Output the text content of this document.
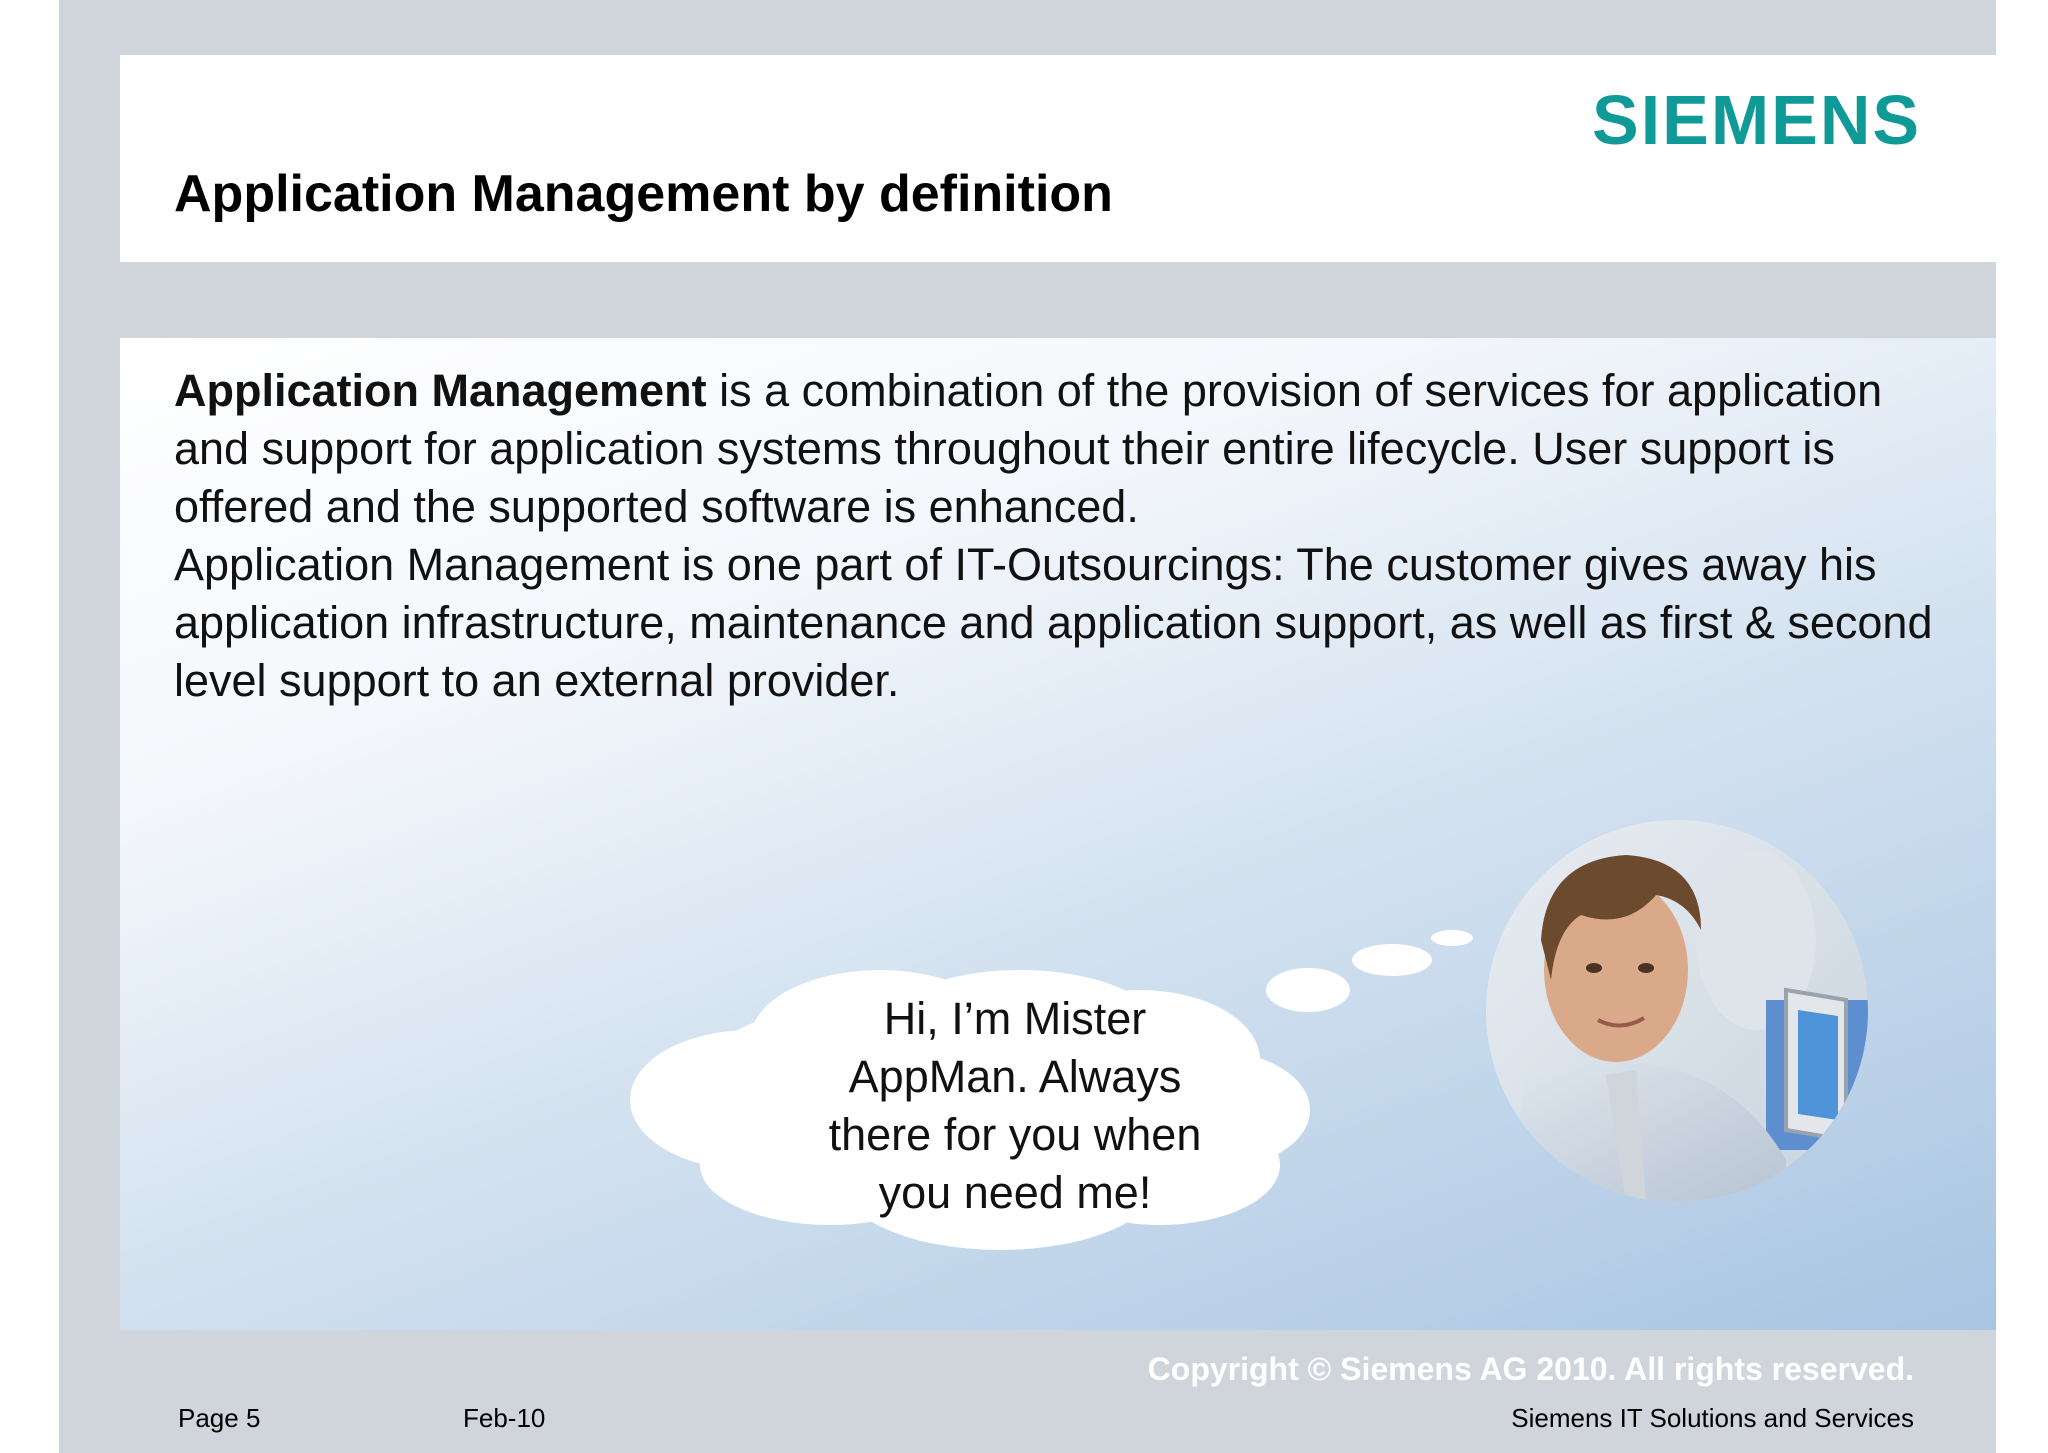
SIEMENS
Application Management by definition

Application Management is a combination of the provision of services for application and support for application systems throughout their entire lifecycle. User support is offered and the supported software is enhanced.

Application Management is one part of IT-Outsourcings: The customer gives away his application infrastructure, maintenance and application support, as well as first & second level support to an external provider.

Hi, I’m Mister
AppMan. Always
there for you when
you need me!
Copyright © Siemens AG 2010. All rights reserved.
Page 5	Feb-10	Siemens IT Solutions and Services
